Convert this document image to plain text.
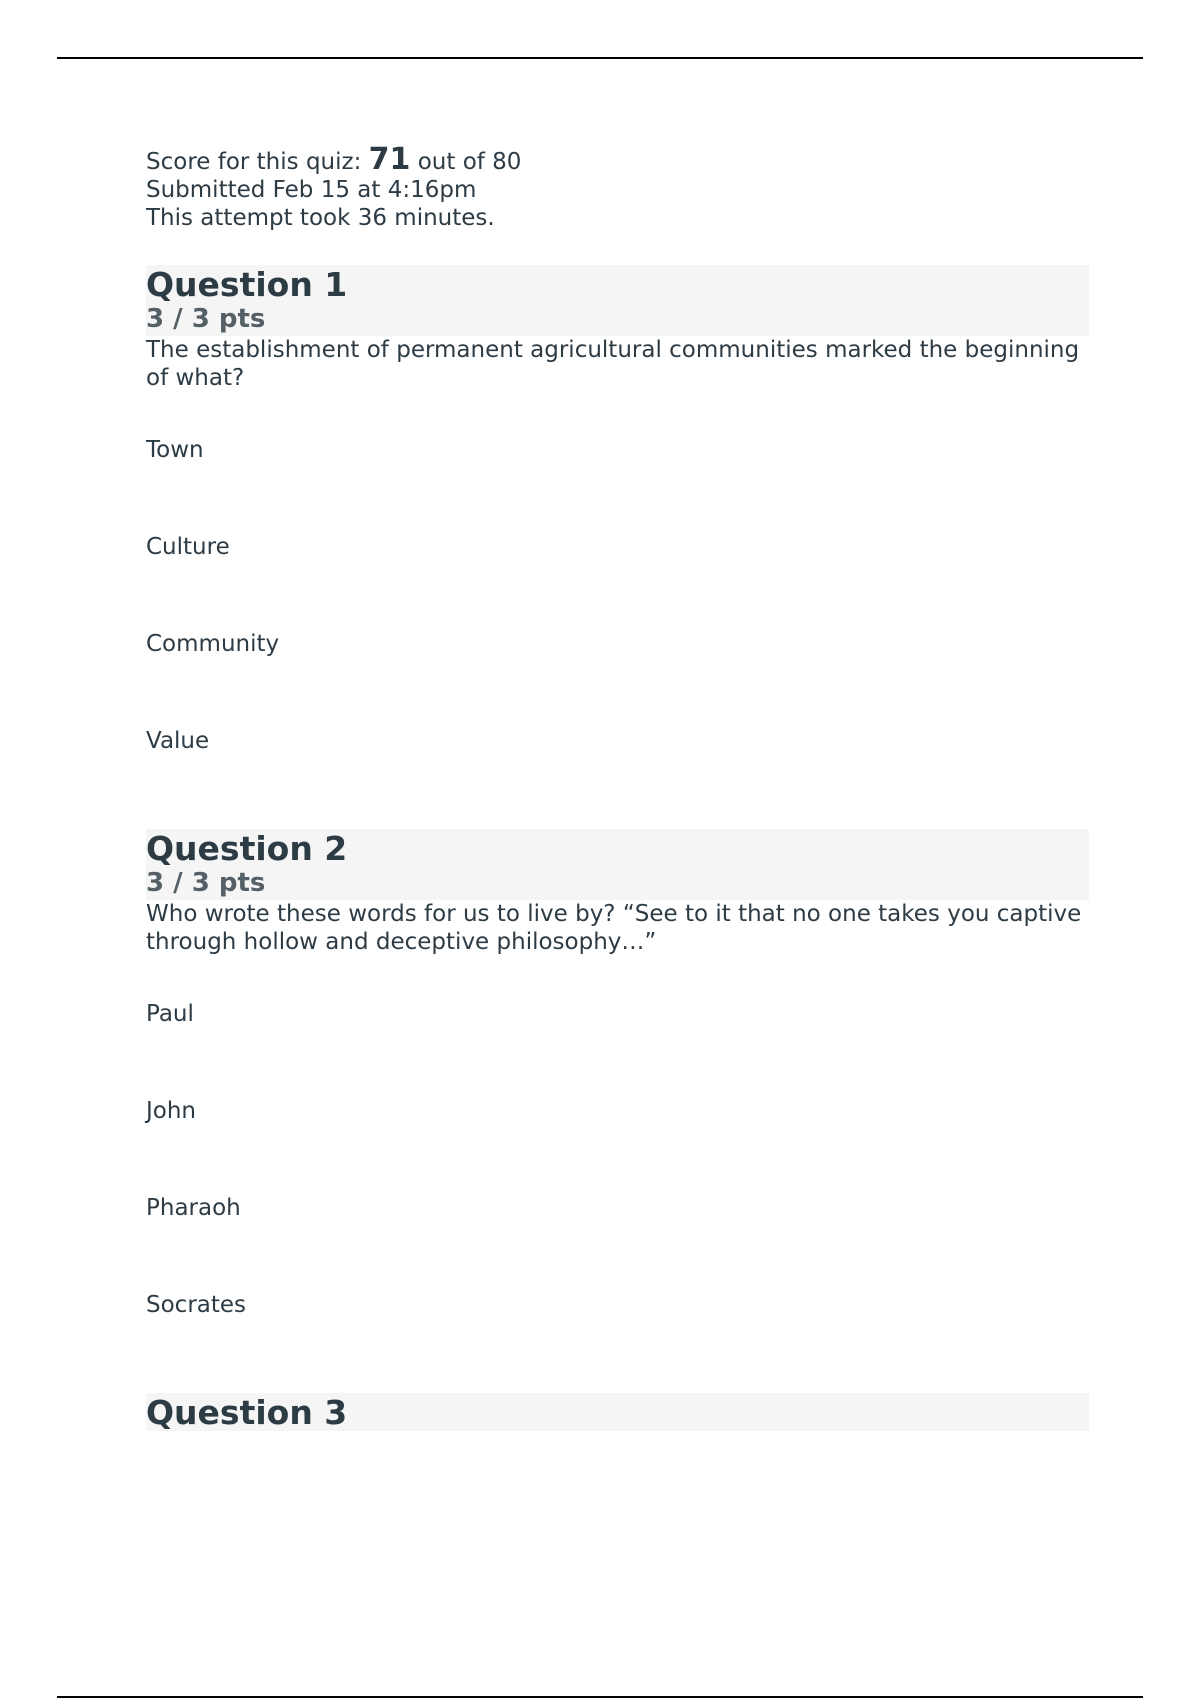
Score for this quiz: 71 out of 80
Submitted Feb 15 at 4:16pm
This attempt took 36 minutes.
Question 1
3 / 3 pts
The establishment of permanent agricultural communities marked the beginning of what?
Town
Culture
Community
Value
Question 2
3 / 3 pts
Who wrote these words for us to live by? “See to it that no one takes you captive through hollow and deceptive philosophy…”
Paul
John
Pharaoh
Socrates
Question 3
